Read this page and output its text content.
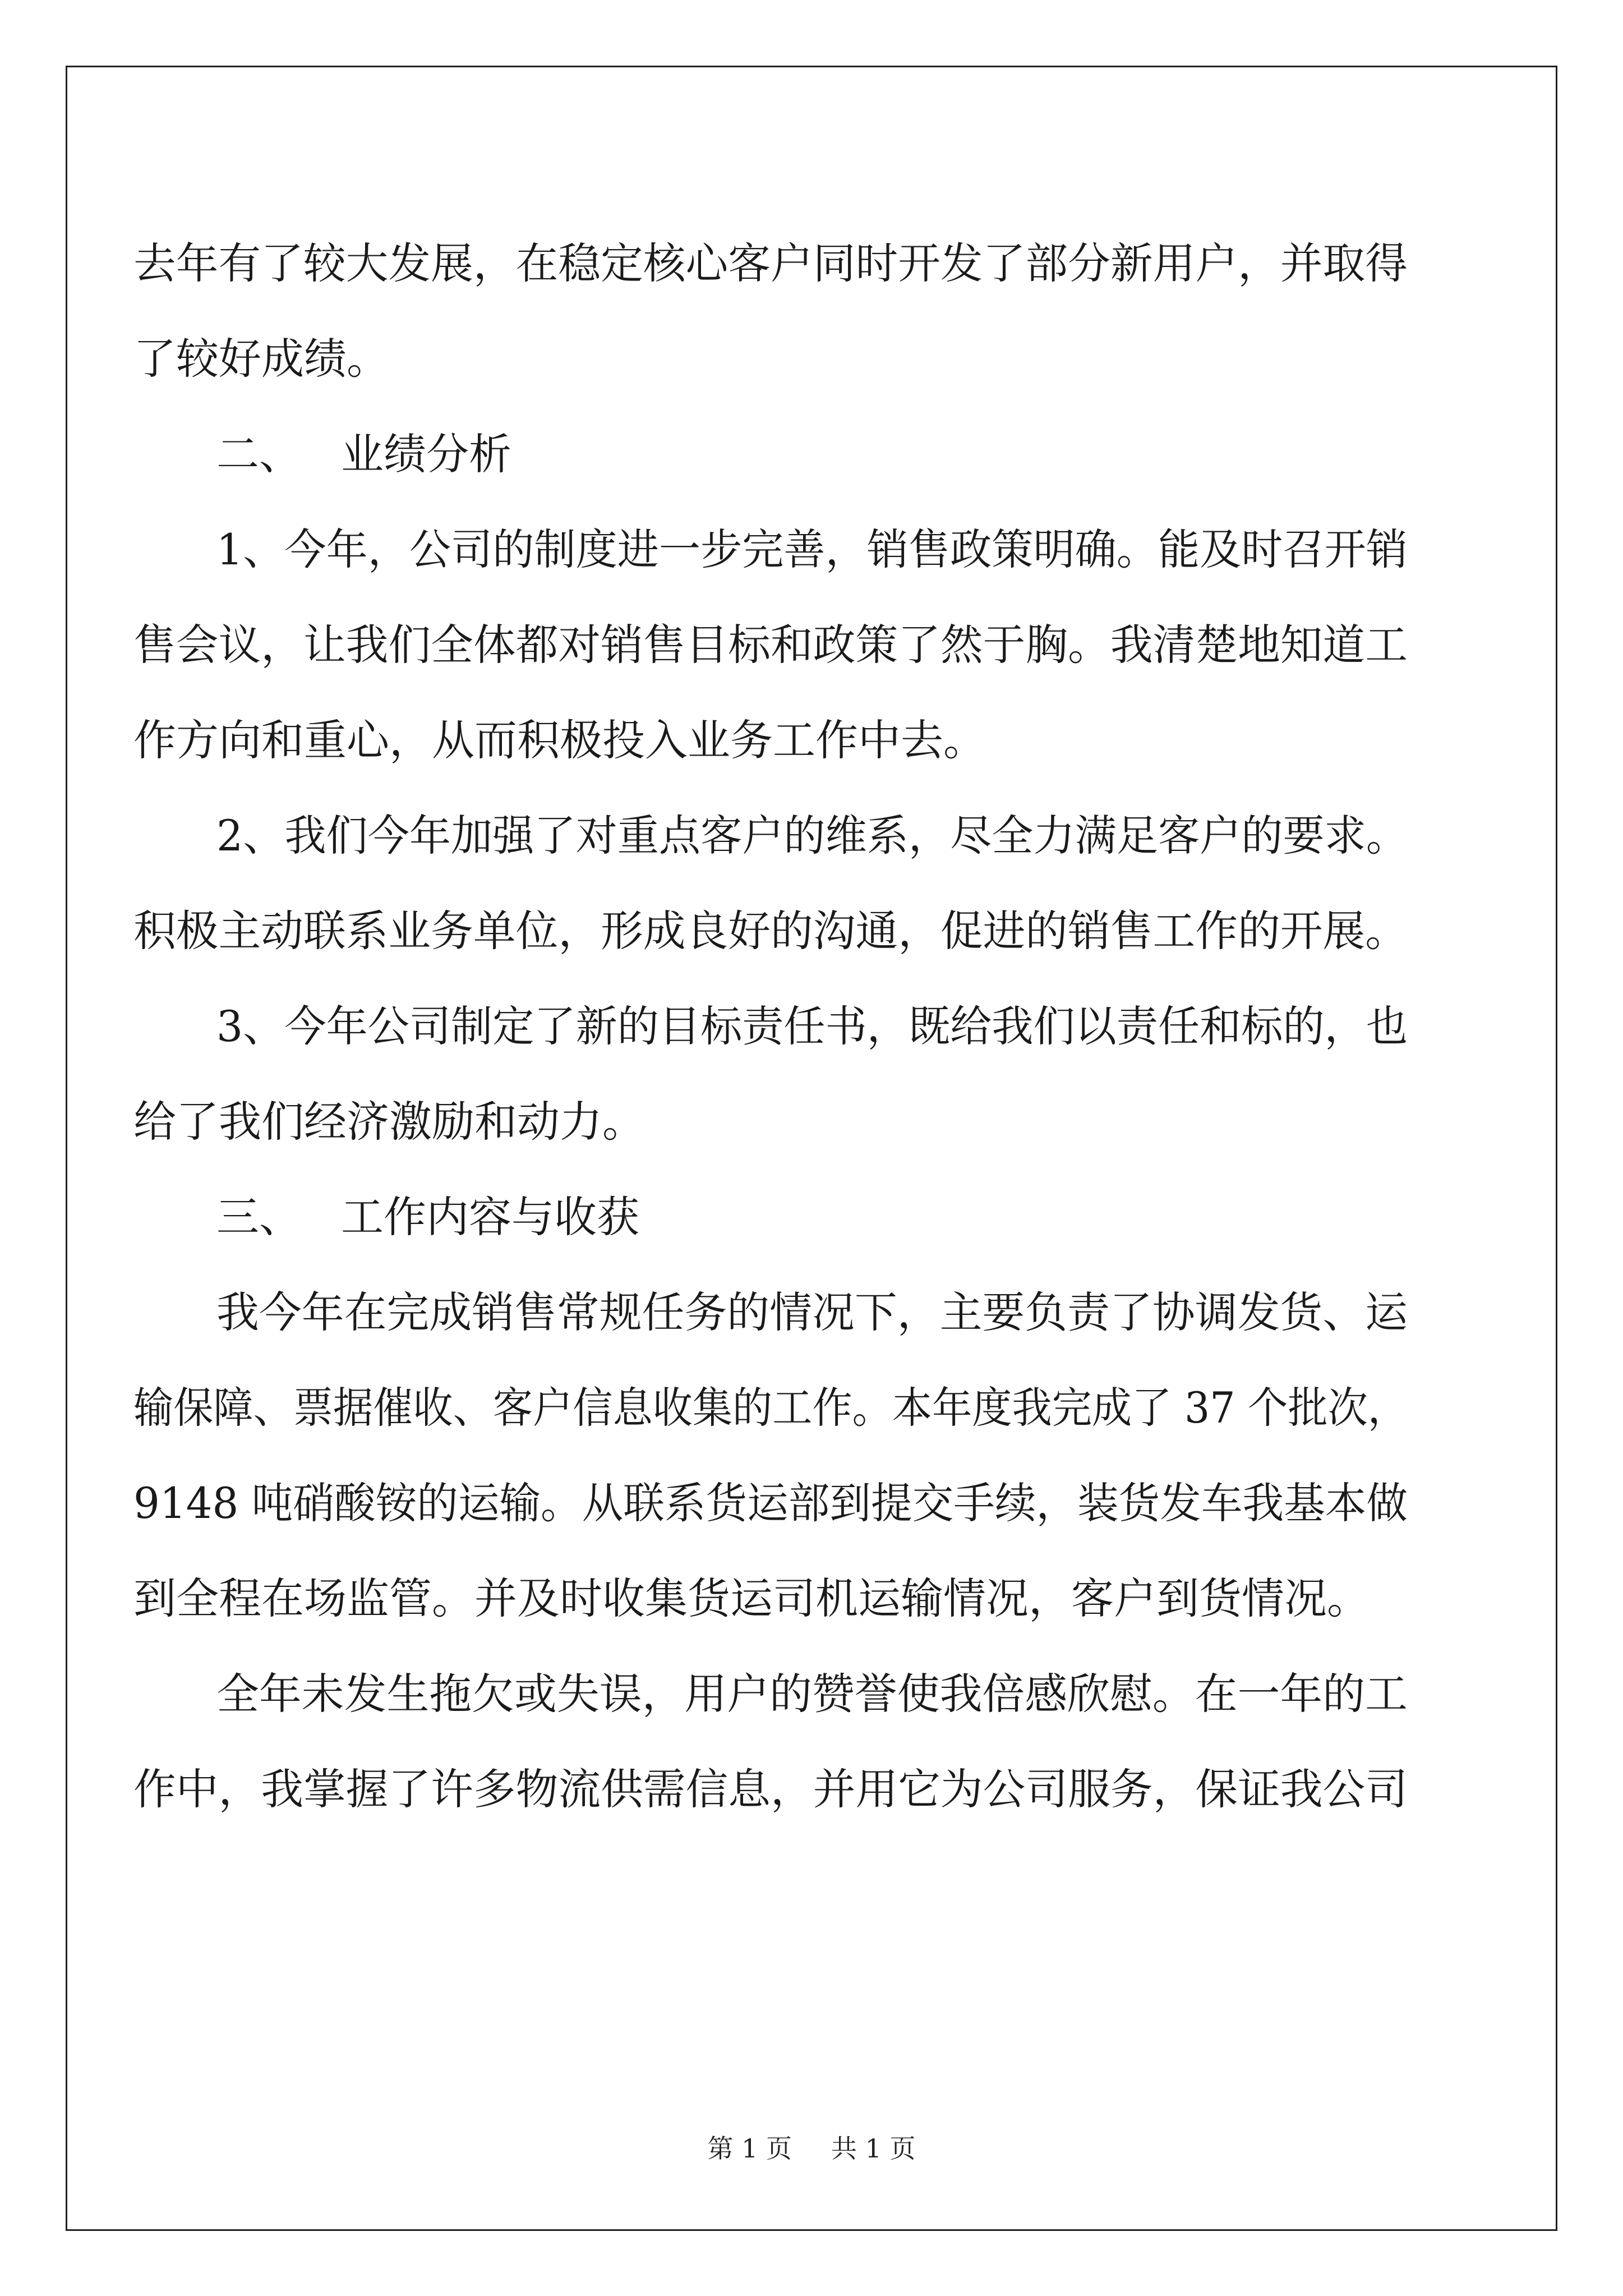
去年有了较大发展，在稳定核心客户同时开发了部分新用户，并取得
了较好成绩。
二、 业绩分析
1、今年，公司的制度进一步完善，销售政策明确。能及时召开销
售会议，让我们全体都对销售目标和政策了然于胸。我清楚地知道工
作方向和重心，从而积极投入业务工作中去。
2、我们今年加强了对重点客户的维系，尽全力满足客户的要求。
积极主动联系业务单位，形成良好的沟通，促进的销售工作的开展。
3、今年公司制定了新的目标责任书，既给我们以责任和标的，也
给了我们经济激励和动力。
三、 工作内容与收获
我今年在完成销售常规任务的情况下，主要负责了协调发货、运
输保障、票据催收、客户信息收集的工作。本年度我完成了 37 个批次，
9148 吨硝酸铵的运输。从联系货运部到提交手续，装货发车我基本做
到全程在场监管。并及时收集货运司机运输情况，客户到货情况。
全年未发生拖欠或失误，用户的赞誉使我倍感欣慰。在一年的工
作中，我掌握了许多物流供需信息，并用它为公司服务，保证我公司
第 1 页 共 1 页
